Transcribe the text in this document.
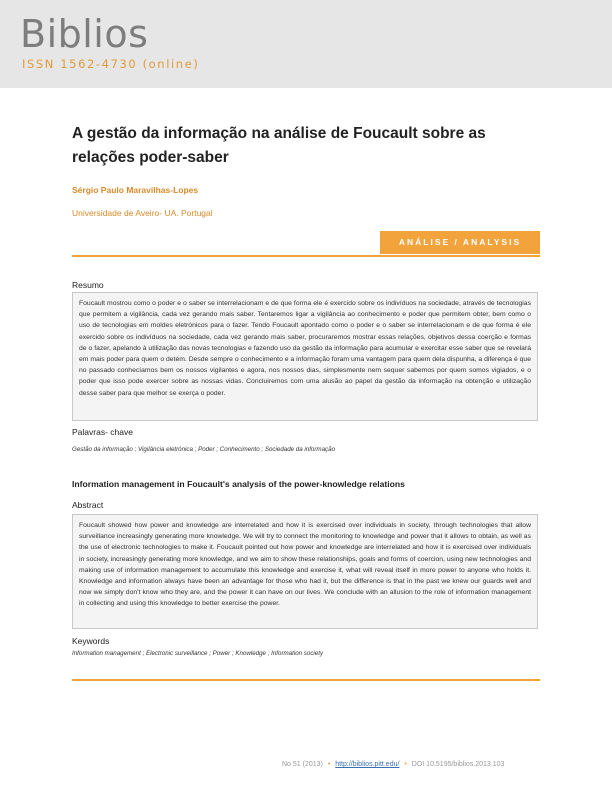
Biblios
ISSN 1562-4730 (online)
A gestão da informação na análise de Foucault sobre as relações poder-saber
Sérgio Paulo Maravilhas-Lopes
Universidade de Aveiro- UA. Portugal
ANÁLISE / ANALYSIS
Resumo
Foucault mostrou como o poder e o saber se interrelacionam e de que forma ele é exercido sobre os indivíduos na sociedade, através de tecnologias que permitem a vigilância, cada vez gerando mais saber. Tentaremos ligar a vigilância ao conhecimento e poder que permitem obter, bem como o uso de tecnologias em moldes eletrónicos para o fazer. Tendo Foucault apontado como o poder e o saber se interrelacionam e de que forma é ele exercido sobre os indivíduos na sociedade, cada vez gerando mais saber, procuraremos mostrar essas relações, objetivos dessa coerção e formas de o fazer, apelando à utilização das novas tecnologias e fazendo uso da gestão da informação para acumular e exercitar esse saber que se revelará em mais poder para quem o detém. Desde sempre o conhecimento e a informação foram uma vantagem para quem dela dispunha, a diferença é que no passado conhecíamos bem os nossos vigilantes e agora, nos nossos dias, simplesmente nem sequer sabemos por quem somos vigiados, e o poder que isso pode exercer sobre as nossas vidas. Concluiremos com uma alusão ao papel da gestão da informação na obtenção e utilização desse saber para que melhor se exerça o poder.
Palavras- chave
Gestão da informação ; Vigilância eletrónica ; Poder ; Conhecimento ; Sociedade da informação
Information management in Foucault's analysis of the power-knowledge relations
Abstract
Foucault showed how power and knowledge are interrelated and how it is exercised over individuals in society, through technologies that allow surveillance increasingly generating more knowledge. We will try to connect the monitoring to knowledge and power that it allows to obtain, as well as the use of electronic technologies to make it. Foucault pointed out how power and knowledge are interrelated and how it is exercised over individuals in society, increasingly generating more knowledge, and we aim to show these relationships, goals and forms of coercion, using new technologies and making use of information management to accumulate this knowledge and exercise it, what will reveal itself in more power to anyone who holds it. Knowledge and information always have been an advantage for those who had it, but the difference is that in the past we knew our guards well and now we simply don't know who they are, and the power it can have on our lives. We conclude with an allusion to the role of information management in collecting and using this knowledge to better exercise the power.
Keywords
Information management ; Electronic surveillance ; Power ; Knowledge ; Information society
No 51 (2013) • http://biblios.pitt.edu/ • DOI 10.5195/biblios.2013.103
